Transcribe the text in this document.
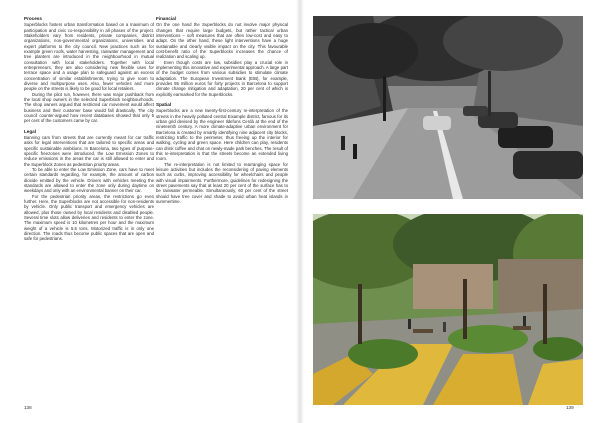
Process

Superblocks fosters urban transformation based on a maximum of participation and civic co-responsibility in all phases of the project. Stakeholders vary from residents, private companies, district organizations, non-governmental organizations, universities and expert platforms to the city council. New practices such as for example green roofs, water harvesting, rainwater management and tree planters are introduced in the neighbourhood in mutual consultation with local stakeholders. Together with local entrepreneurs, they are also considering new flexible uses for terrace space and a usage plan to safeguard against an excess concentration of similar establishments, trying to give room to diverse and multipurpose uses. Also, fewer vehicles and more people on the streets is likely to be good for local retailers.

During the pilot run, however, there was major pushback from the local shop owners in the selected Superblock neighbourhoods. The shop owners argued that restricted car movement would affect business and their customer base would fall drastically. The city council counter-argued how recent databases showed that only 5 per cent of the customers came by car.

Legal

Banning cars from streets that are currently meant for car traffic asks for legal interventions that are tailored to specific areas and specific sustainable ambitions. In Barcelona, two types of purpose-specific freezones were introduced, the Low Emission Zones to reduce emissions in the areas the car is still allowed to enter and the Superblock Zones as pedestrian priority areas.

To be able to enter the Low Emission Zone, cars have to meet certain standards regarding, for example, the amount of carbon dioxide emitted by the vehicle. Drivers with vehicles meeting the standards are allowed to enter the zone only during daytime on weekdays and only with an environmental banner on their car.

For the pedestrian priority areas, the restrictions go even further. Here, the Superblocks are not accessible for non-residents by vehicle. Only public transport and emergency vehicles are allowed, plus those owned by local residents and disabled people. Several time slots allow deliveries and residents to enter the zone. The maximum speed is 10 kilometres per hour and the maximum weight of a vehicle is 5.5 tons. Motorized traffic is in only one direction. The roads thus become public spaces that are open and safe for pedestrians.

Financial

On the one hand the Superblocks do not involve major physical changes that require large budgets, but rather tactical urban interventions – soft measures that are often low-cost and easy to adapt. On the other hand, these light interventions have a huge sustainable and clearly visible impact on the city. This favourable cost-benefit ratio of the Superblocks increases the chance of realization and scaling up.

Even though costs are low, subsidies play a crucial role in implementing this innovative and experimental approach. A large part of the budget comes from various subsidies to stimulate climate adaptation. The European Investment Bank (EIB), for example, provides 95 million euros for forty projects in Barcelona to support climate change mitigation and adaptation, 20 per cent of which is explicitly earmarked for the Superblocks.

Spatial

Superblocks are a new twenty-first-century re-interpretation of the streets in the heavily polluted central Eixample district, famous for its urban grid devised by the engineer Ildefons Cerdà at the end of the nineteenth century. A more climate-adaptive urban environment for Barcelona is created by smartly identifying nine adjacent city blocks, restricting traffic to the perimeter, thus freeing up the interior for walking, cycling and green space. Here children can play, residents can drink coffee and chat on newly-made park benches. The result of this re-interpretation is that the streets become an extended living room.

The re-interpretation is not limited to rearranging space for leisure activities but includes the reconsidering of paving elements such as curbs, improving accessibility for wheelchairs and people with visual impairments. Furthermore, guidelines for redesigning the street pavements say that at least 20 per cent of the surface has to be rainwater permeable. Simultaneously, 60 per cent of the street should have tree cover and shade to avoid urban heat islands in summertime.

138	139
